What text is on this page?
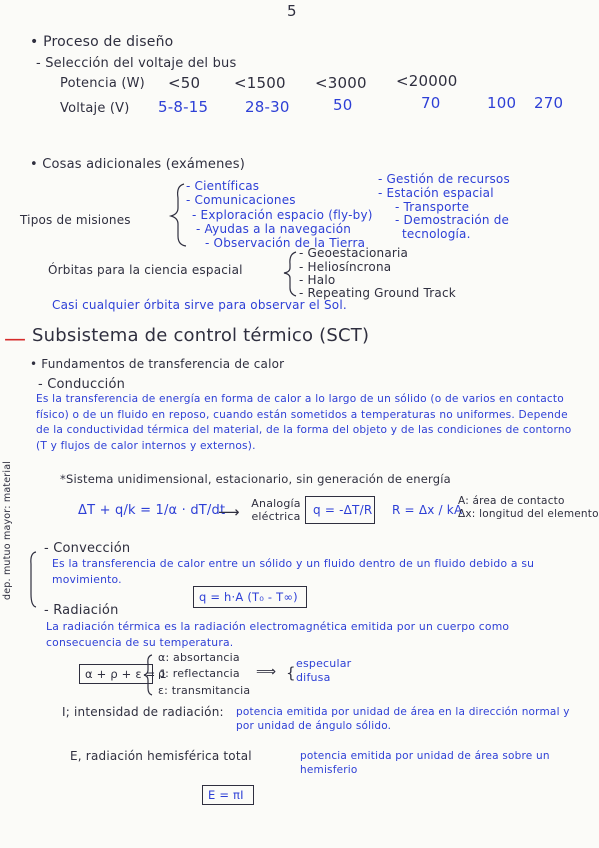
5
• Proceso de diseño
- Selección del voltaje del bus
Potencia (W) <50 <1500 <3000 <20000
Voltaje (V) 5-8-15 28-30	50	70	100 270
• Cosas adicionales (exámenes)
Tipos de misiones
- Científicas
- Comunicaciones
- Exploración espacio (fly-by)
- Ayudas a la navegación
- Observación de la Tierra
- Gestión de recursos
- Estación espacial
- Transporte
- Demostración de
tecnología.
Órbitas para la ciencia espacial
- Geoestacionaria
- Heliosíncrona
- Halo
- Repeating Ground Track
Casi cualquier órbita sirve para observar el Sol.
— Subsistema de control térmico (SCT)
• Fundamentos de transferencia de calor
- Conducción
Es la transferencia de energía en forma de calor a lo largo de un sólido (o de varios en contacto físico) o de un fluido en reposo, cuando están sometidos a temperaturas no uniformes. Depende de la conductividad térmica del material, de la forma del objeto y de las condiciones de contorno (T y flujos de calor internos y externos).
*Sistema unidimensional, estacionario, sin generación de energía
ΔT + q/k = 1/α · dT/dt
⟶ Analogía eléctrica q = -ΔT/R R = Δx / kA
A: área de contacto
Δx: longitud del elemento
dep. mutuo mayor: material - Convección
Es la transferencia de calor entre un sólido y un fluido dentro de un fluido debido a su movimiento.
q = h·A (T₀ - T∞)
- Radiación
La radiación térmica es la radiación electromagnética emitida por un cuerpo como consecuencia de su temperatura.
α: absortancia
α + ρ + ε = 1
ρ: reflectancia ⟹ {
especular
difusa
ε: transmitancia
I; intensidad de radiación: potencia emitida por unidad de área en la dirección normal y por unidad de ángulo sólido.
E, radiación hemisférica total	potencia emitida por unidad de área sobre un hemisferio
E = πI
